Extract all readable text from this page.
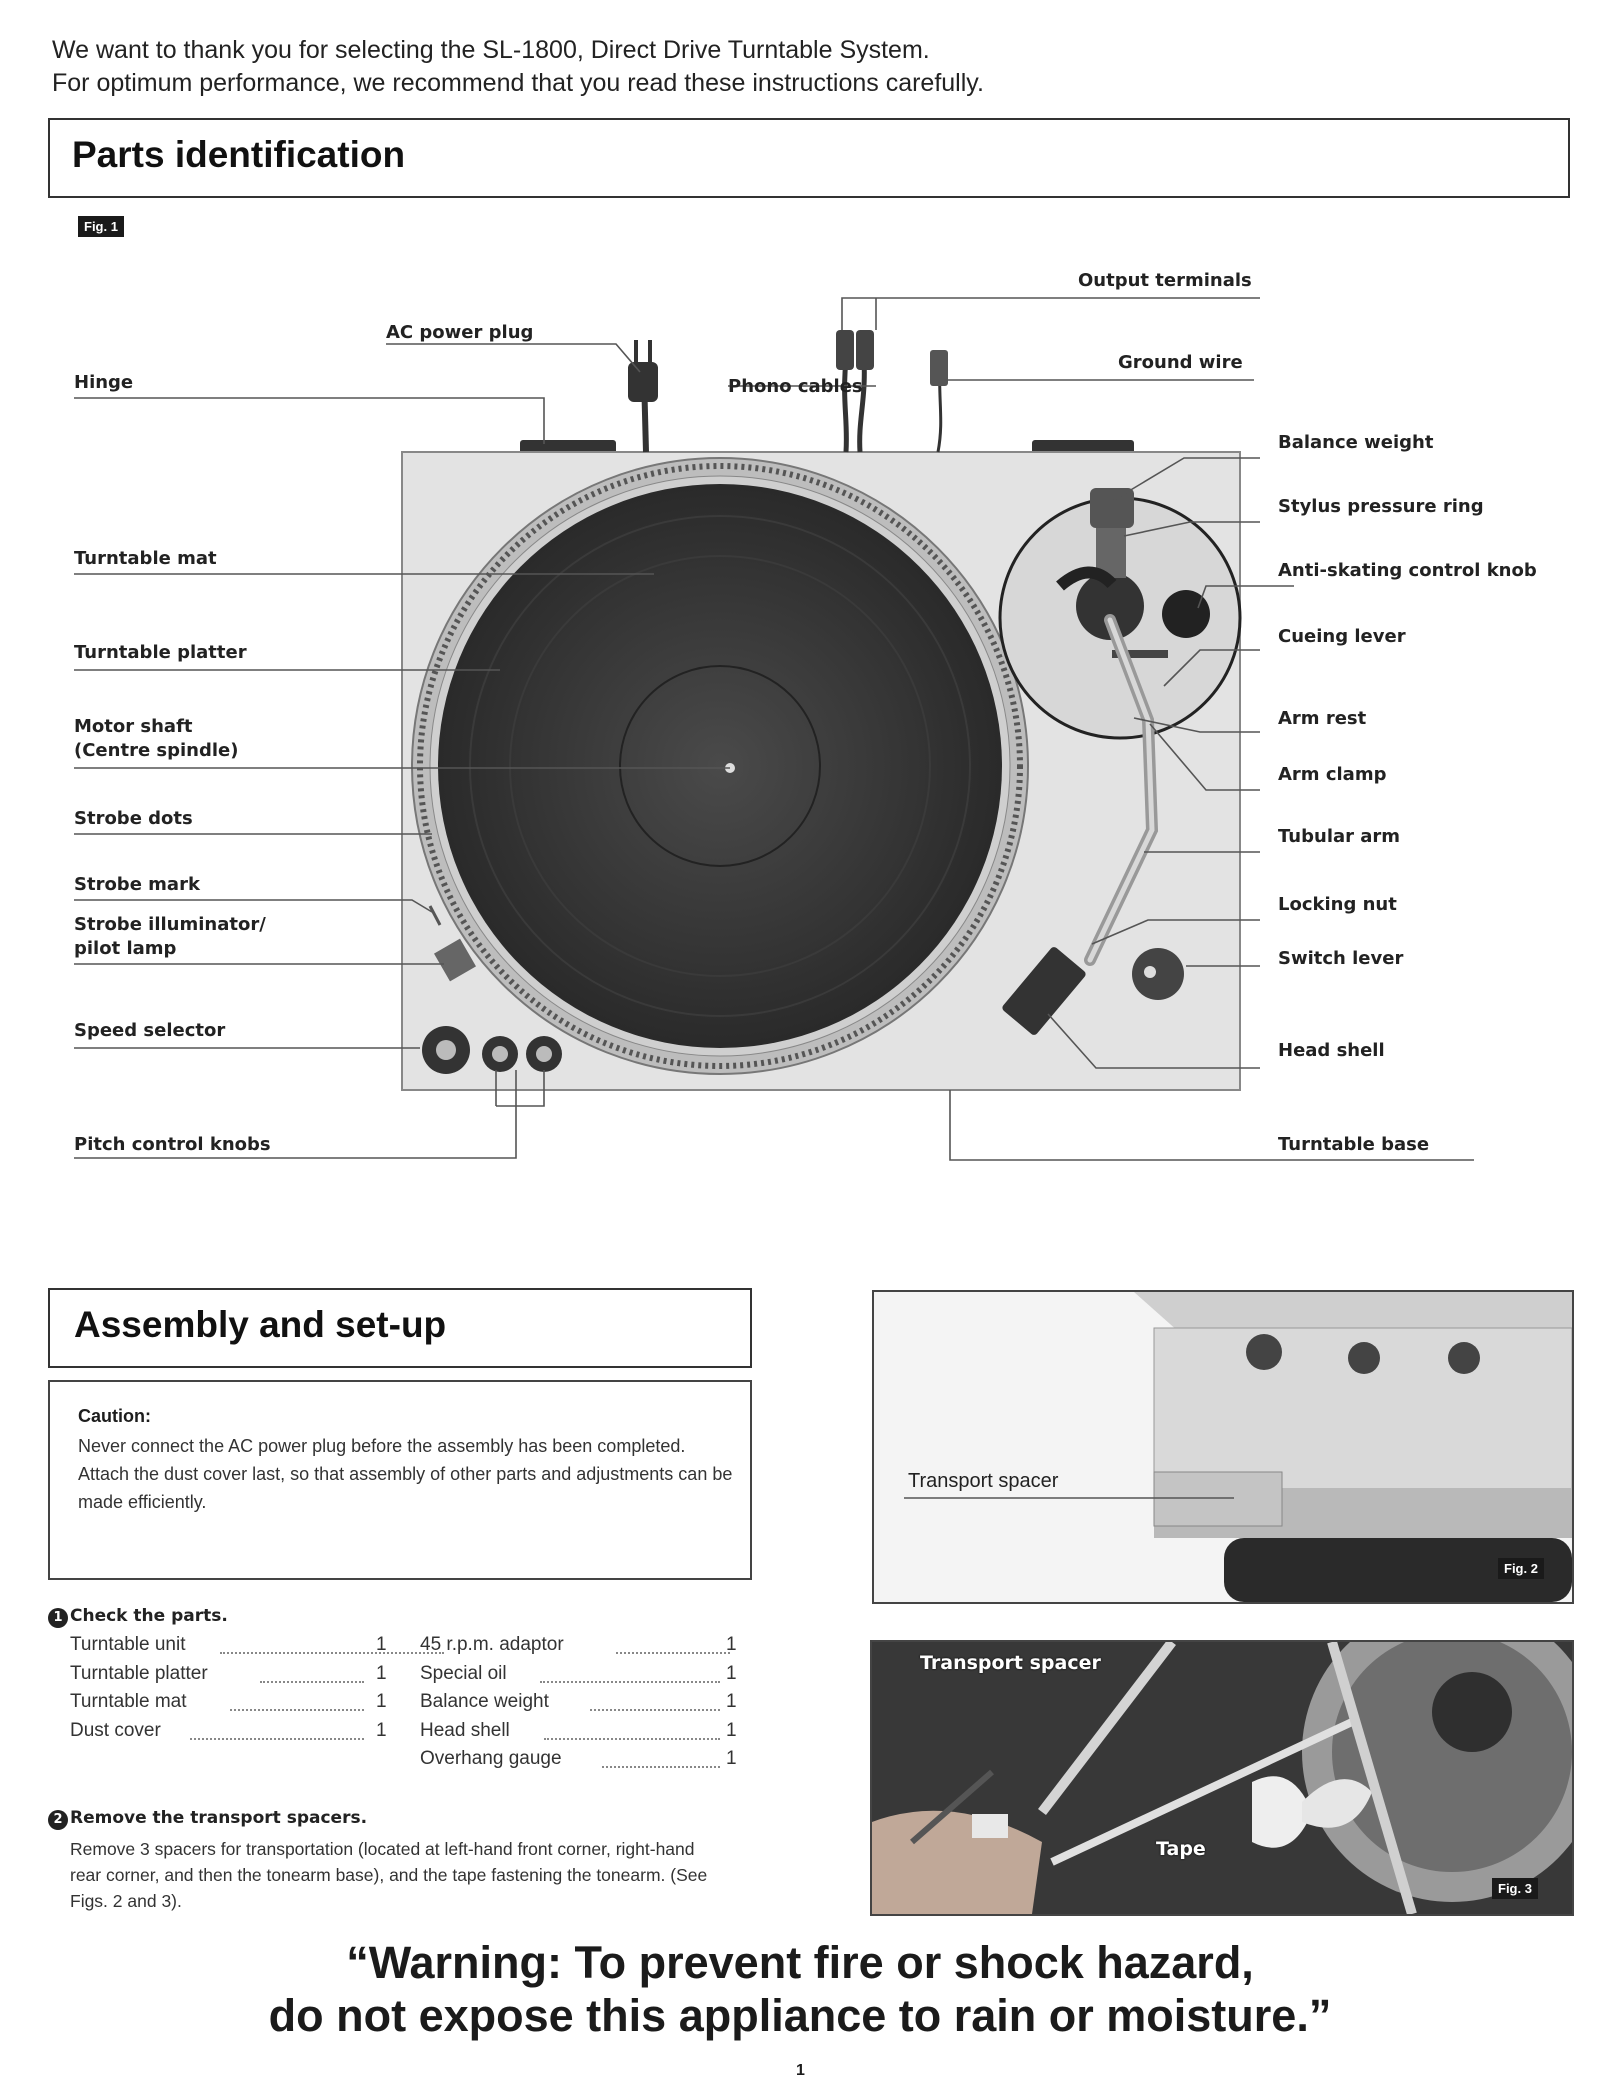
We want to thank you for selecting the SL-1800, Direct Drive Turntable System.
For optimum performance, we recommend that you read these instructions carefully.
Parts identification
Fig. 1
Hinge
AC power plug
Phono cables
Output terminals
Ground wire
Turntable mat
Turntable platter
Motor shaft
(Centre spindle)
Strobe dots
Strobe mark
Strobe illuminator/
pilot lamp
Speed selector
Pitch control knobs
Balance weight
Stylus pressure ring
Anti-skating control knob
Cueing lever
Arm rest
Arm clamp
Tubular arm
Locking nut
Switch lever
Head shell
Turntable base
Assembly and set-up
Caution:
Never connect the AC power plug before the assembly has been completed. Attach the dust cover last, so that assembly of other parts and adjustments can be made efficiently.
1 Check the parts.
Turntable unit	1
Turntable platter	1
Turntable mat	1
Dust cover	1
45 r.p.m. adaptor	1
Special oil	1
Balance weight	1
Head shell	1
Overhang gauge	1
2 Remove the transport spacers.
Remove 3 spacers for transportation (located at left-hand front corner, right-hand rear corner, and then the tonearm base), and the tape fastening the tonearm. (See Figs. 2 and 3).
Transport spacer
Fig. 2
Transport spacer
Tape
Fig. 3
“Warning: To prevent fire or shock hazard,
do not expose this appliance to rain or moisture.”
1
